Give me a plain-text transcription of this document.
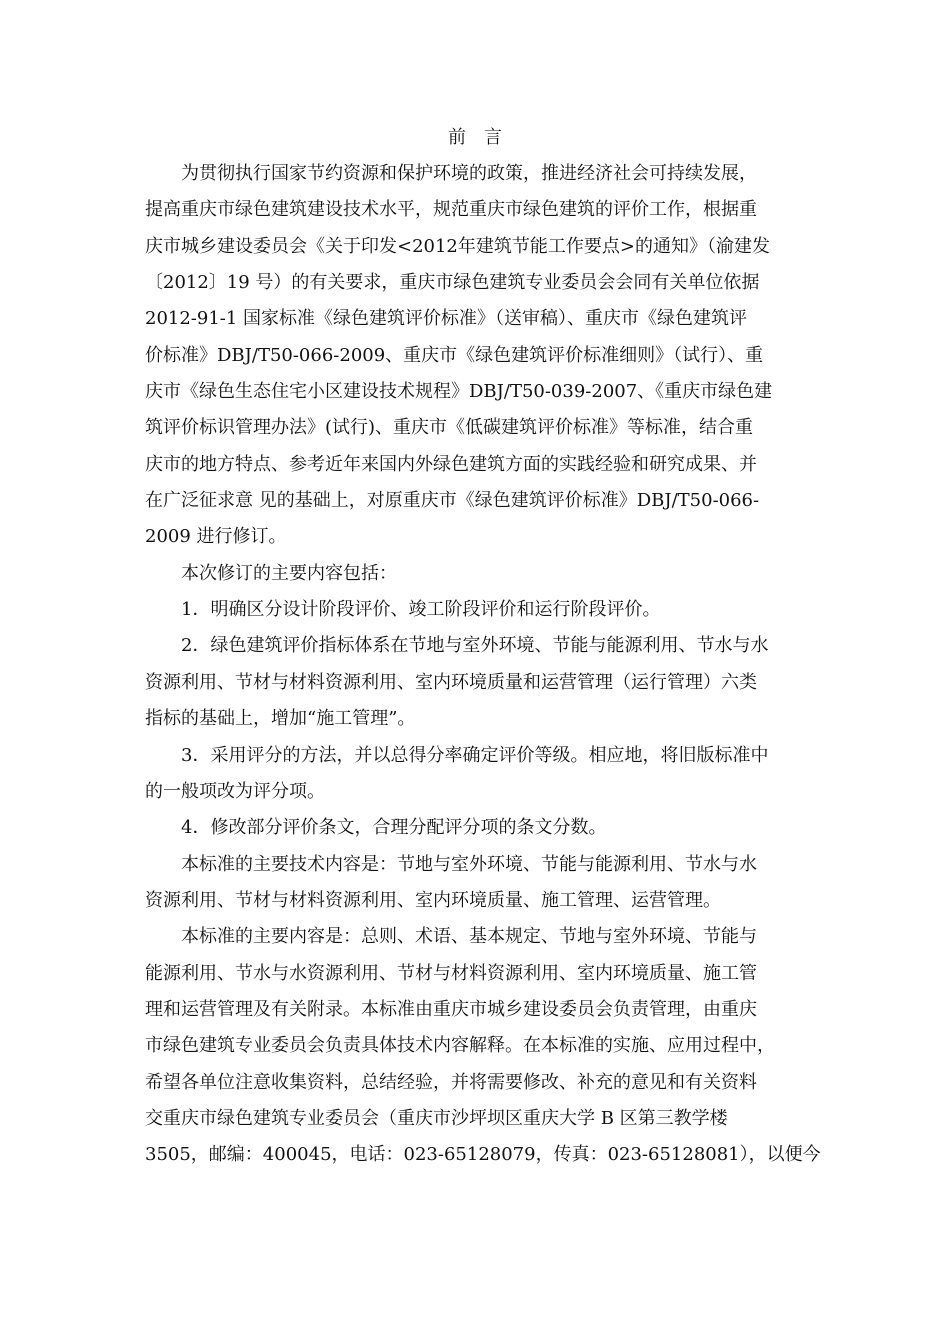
前　言
为贯彻执行国家节约资源和保护环境的政策，推进经济社会可持续发展，
提高重庆市绿色建筑建设技术水平，规范重庆市绿色建筑的评价工作，根据重
庆市城乡建设委员会《关于印发<2012年建筑节能工作要点>的通知》（渝建发
〔2012〕19 号）的有关要求，重庆市绿色建筑专业委员会会同有关单位依据
2012-91-1 国家标准《绿色建筑评价标准》（送审稿）、重庆市《绿色建筑评
价标准》DBJ/T50-066-2009、重庆市《绿色建筑评价标准细则》（试行）、重
庆市《绿色生态住宅小区建设技术规程》DBJ/T50-039-2007、《重庆市绿色建
筑评价标识管理办法》(试行)、重庆市《低碳建筑评价标准》等标准，结合重
庆市的地方特点、参考近年来国内外绿色建筑方面的实践经验和研究成果、并
在广泛征求意 见的基础上，对原重庆市《绿色建筑评价标准》DBJ/T50-066-
2009 进行修订。
本次修订的主要内容包括：
1．明确区分设计阶段评价、竣工阶段评价和运行阶段评价。
2．绿色建筑评价指标体系在节地与室外环境、节能与能源利用、节水与水
资源利用、节材与材料资源利用、室内环境质量和运营管理（运行管理）六类
指标的基础上，增加“施工管理”。
3．采用评分的方法，并以总得分率确定评价等级。相应地，将旧版标准中
的一般项改为评分项。
4．修改部分评价条文，合理分配评分项的条文分数。
本标准的主要技术内容是：节地与室外环境、节能与能源利用、节水与水
资源利用、节材与材料资源利用、室内环境质量、施工管理、运营管理。
本标准的主要内容是：总则、术语、基本规定、节地与室外环境、节能与
能源利用、节水与水资源利用、节材与材料资源利用、室内环境质量、施工管
理和运营管理及有关附录。本标准由重庆市城乡建设委员会负责管理，由重庆
市绿色建筑专业委员会负责具体技术内容解释。在本标准的实施、应用过程中，
希望各单位注意收集资料，总结经验，并将需要修改、补充的意见和有关资料
交重庆市绿色建筑专业委员会（重庆市沙坪坝区重庆大学 B 区第三教学楼
3505，邮编：400045，电话：023-65128079，传真：023-65128081），以便今
